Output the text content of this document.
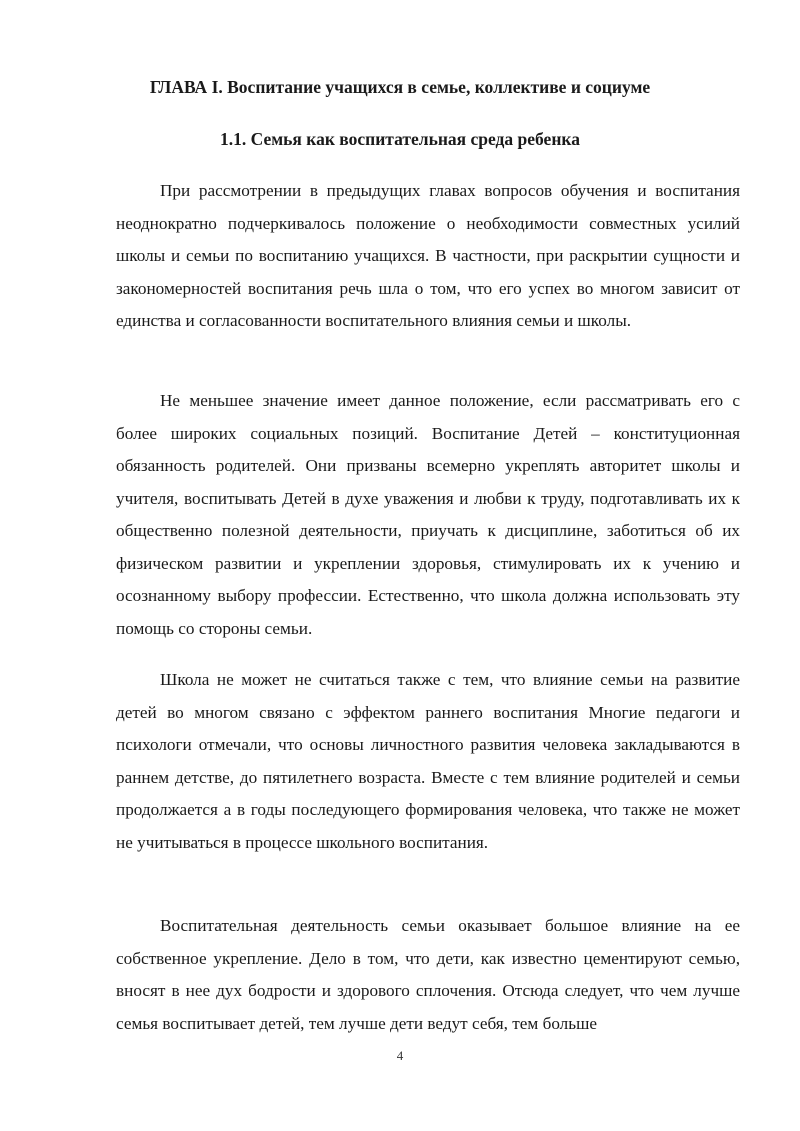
ГЛАВА I. Воспитание учащихся в семье, коллективе и социуме
1.1. Семья как воспитательная среда ребенка

При рассмотрении в предыдущих главах вопросов обучения и воспитания неоднократно подчеркивалось положение о необходимости совместных усилий школы и семьи по воспитанию учащихся. В частности, при раскрытии сущности и закономерностей воспитания речь шла о том, что его успех во многом зависит от единства и согласованности воспитательного влияния семьи и школы.

Не меньшее значение имеет данное положение, если рассматривать его с более широких социальных позиций. Воспитание Детей – конституционная обязанность родителей. Они призваны всемерно укреплять авторитет школы и учителя, воспитывать Детей в духе уважения и любви к труду, подготавливать их к общественно полезной деятельности, приучать к дисциплине, заботиться об их физическом развитии и укреплении здоровья, стимулировать их к учению и осознанному выбору профессии. Естественно, что школа должна использовать эту помощь со стороны семьи.

Школа не может не считаться также с тем, что влияние семьи на развитие детей во многом связано с эффектом раннего воспитания Многие педагоги и психологи отмечали, что основы личностного развития человека закладываются в раннем детстве, до пятилетнего возраста. Вместе с тем влияние родителей и семьи продолжается а в годы последующего формирования человека, что также не может не учитываться в процессе школьного воспитания.

Воспитательная деятельность семьи оказывает большое влияние на ее собственное укрепление. Дело в том, что дети, как известно цементируют семью, вносят в нее дух бодрости и здорового сплочения. Отсюда следует, что чем лучше семья воспитывает детей, тем лучше дети ведут себя, тем больше

4
